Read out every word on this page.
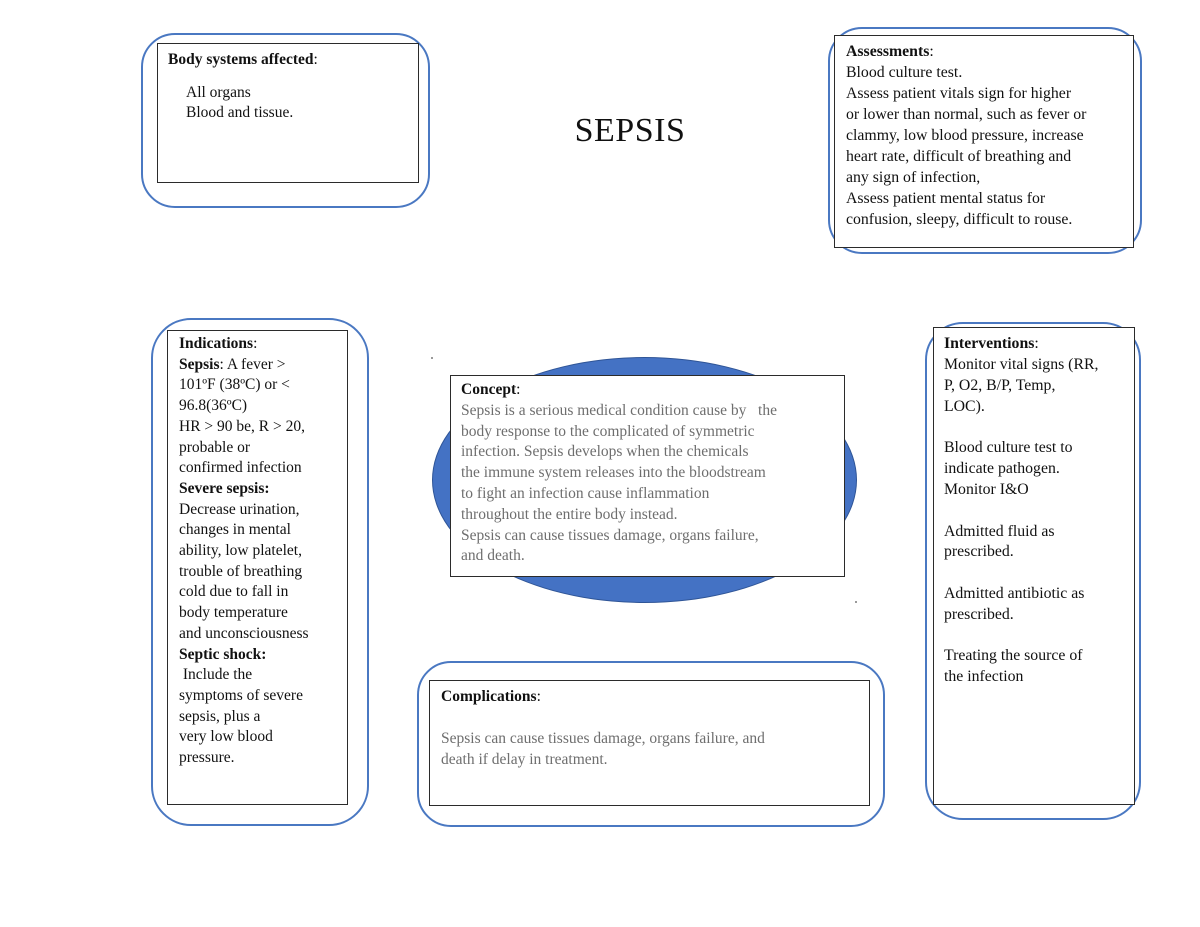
SEPSIS
Body systems affected:
All organs
Blood and tissue.
Assessments:
Blood culture test.
Assess patient vitals sign for higher
or lower than normal, such as fever or
clammy, low blood pressure, increase
heart rate, difficult of breathing and
any sign of infection,
Assess patient mental status for
confusion, sleepy, difficult to rouse.
Indications:
Sepsis: A fever >
101ºF (38ºC) or <
96.8(36ºC)
HR > 90 be, R > 20,
probable or
confirmed infection
Severe sepsis:
Decrease urination,
changes in mental
ability, low platelet,
trouble of breathing
cold due to fall in
body temperature
and unconsciousness
Septic shock:
Include the
symptoms of severe
sepsis, plus a
very low blood
pressure.
Concept:
Sepsis is a serious medical condition cause by   the
body response to the complicated of symmetric
infection. Sepsis develops when the chemicals
the immune system releases into the bloodstream
to fight an infection cause inflammation
throughout the entire body instead.
Sepsis can cause tissues damage, organs failure,
and death.
Complications:
Sepsis can cause tissues damage, organs failure, and
death if delay in treatment.
Interventions:
Monitor vital signs (RR,
P, O2, B/P, Temp,
LOC).
Blood culture test to
indicate pathogen.
Monitor I&O
Admitted fluid as
prescribed.
Admitted antibiotic as
prescribed.
Treating the source of
the infection
